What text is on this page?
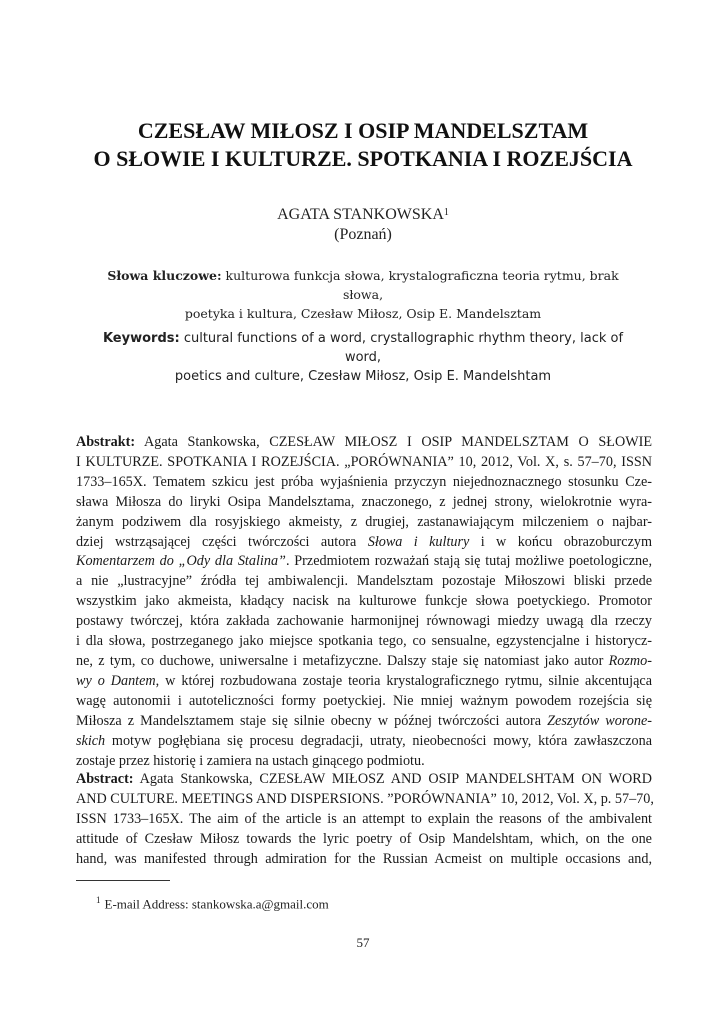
CZESŁAW MIŁOSZ I OSIP MANDELSZTAM
O SŁOWIE I KULTURZE. SPOTKANIA I ROZEJŚCIA
AGATA STANKOWSKA$^1$
(Poznań)
Słowa kluczowe: kulturowa funkcja słowa, krystalograficzna teoria rytmu, brak słowa,
poetyka i kultura, Czesław Miłosz, Osip E. Mandelsztam
Keywords: cultural functions of a word, crystallographic rhythm theory, lack of word,
poetics and culture, Czesław Miłosz, Osip E. Mandelshtam
Abstrakt: Agata Stankowska, CZESŁAW MIŁOSZ I OSIP MANDELSZTAM O SŁOWIE
I KULTURZE. SPOTKANIA I ROZEJŚCIA. „PORÓWNANIA” 10, 2012, Vol. X, s. 57–70, ISSN
1733–165X. Tematem szkicu jest próba wyjaśnienia przyczyn niejednoznacznego stosunku Cze-
sława Miłosza do liryki Osipa Mandelsztama, znaczonego, z jednej strony, wielokrotnie wyra-
żanym podziwem dla rosyjskiego akmeisty, z drugiej, zastanawiającym milczeniem o najbar-
dziej wstrząsającej części twórczości autora Słowa i kultury i w końcu obrazoburczym
Komentarzem do „Ody dla Stalina”. Przedmiotem rozważań stają się tutaj możliwe poetologiczne,
a nie „lustracyjne” źródła tej ambiwalencji. Mandelsztam pozostaje Miłoszowi bliski przede
wszystkim jako akmeista, kładący nacisk na kulturowe funkcje słowa poetyckiego. Promotor
postawy twórczej, która zakłada zachowanie harmonijnej równowagi miedzy uwagą dla rzeczy
i dla słowa, postrzeganego jako miejsce spotkania tego, co sensualne, egzystencjalne i historycz-
ne, z tym, co duchowe, uniwersalne i metafizyczne. Dalszy staje się natomiast jako autor Rozmo-
wy o Dantem, w której rozbudowana zostaje teoria krystalograficznego rytmu, silnie akcentująca
wagę autonomii i autoteliczności formy poetyckiej. Nie mniej ważnym powodem rozejścia się
Miłosza z Mandelsztamem staje się silnie obecny w późnej twórczości autora Zeszytów worone-
skich motyw pogłębiana się procesu degradacji, utraty, nieobecności mowy, która zawłaszczona
zostaje przez historię i zamiera na ustach ginącego podmiotu.
Abstract: Agata Stankowska, CZESŁAW MIŁOSZ AND OSIP MANDELSHTAM ON WORD
AND CULTURE. MEETINGS AND DISPERSIONS. ”PORÓWNANIA” 10, 2012, Vol. X, p. 57–70,
ISSN 1733–165X. The aim of the article is an attempt to explain the reasons of the ambivalent
attitude of Czesław Miłosz towards the lyric poetry of Osip Mandelshtam, which, on the one
hand, was manifested through admiration for the Russian Acmeist on multiple occasions and,
$^1$ E-mail Address: stankowska.a@gmail.com
57
